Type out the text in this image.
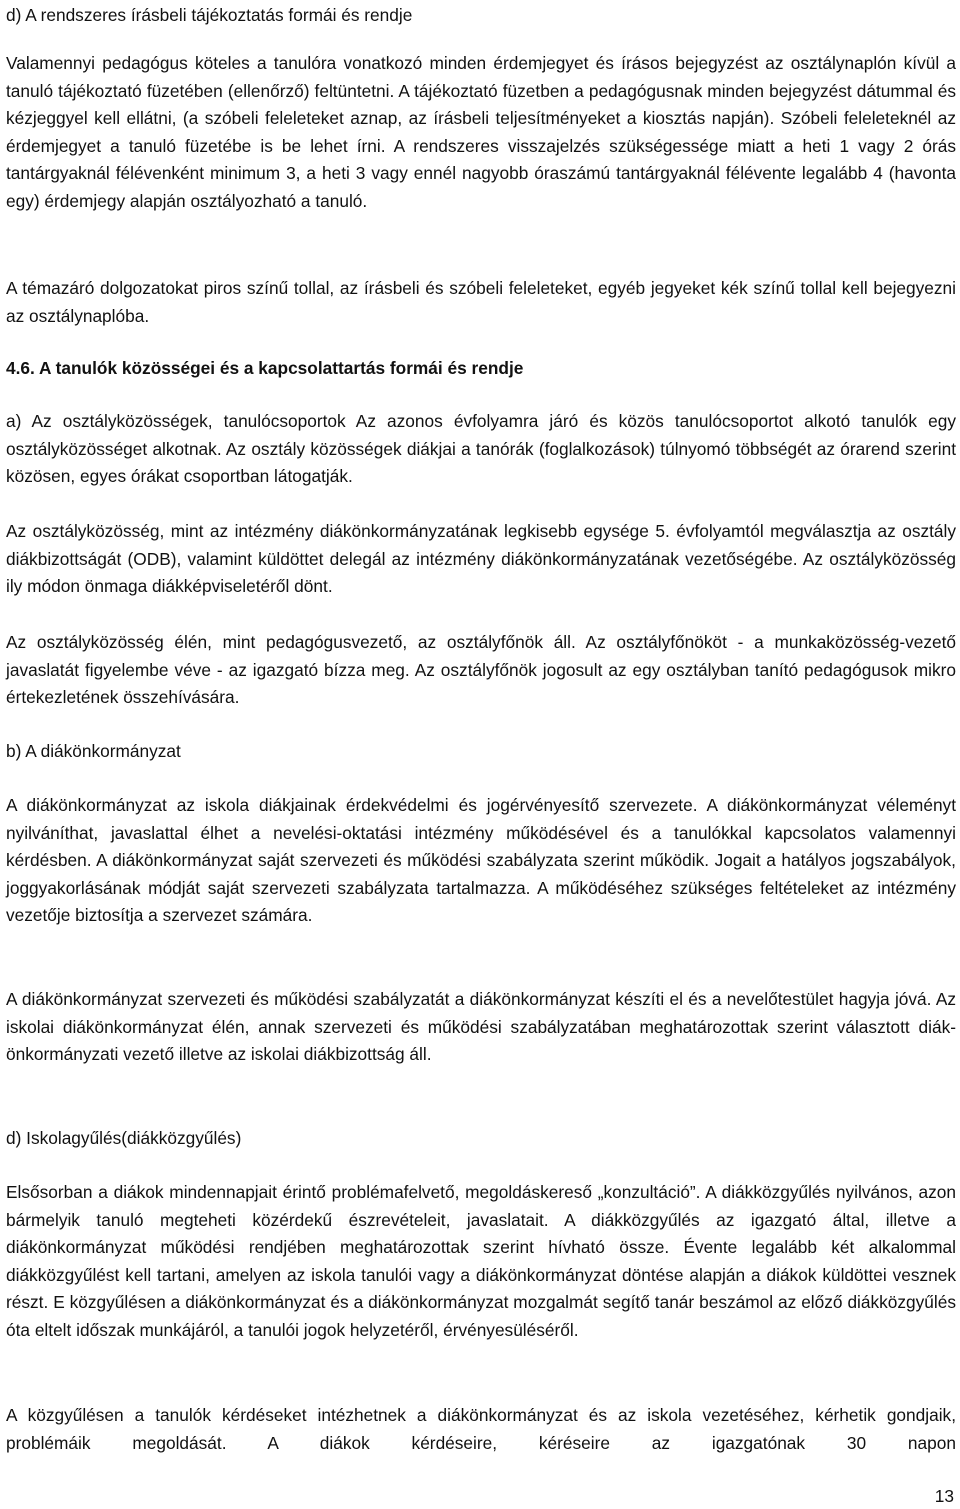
d) A rendszeres írásbeli tájékoztatás formái és rendje

Valamennyi pedagógus köteles a tanulóra vonatkozó minden érdemjegyet és írásos bejegyzést az osztálynaplón kívül a tanuló tájékoztató füzetében (ellenőrző) feltüntetni. A tájékoztató füzetben a pedagógusnak minden bejegyzést dátummal és kézjeggyel kell ellátni, (a szóbeli feleleteket aznap, az írásbeli teljesítményeket a kiosztás napján). Szóbeli feleleteknél az érdemjegyet a tanuló füzetébe is be lehet írni. A rendszeres visszajelzés szükségessége miatt a heti 1 vagy 2 órás tantárgyaknál félévenként minimum 3, a heti 3 vagy ennél nagyobb óraszámú tantárgyaknál félévente legalább 4 (havonta egy) érdemjegy alapján osztályozható a tanuló.

A témazáró dolgozatokat piros színű tollal, az írásbeli és szóbeli feleleteket, egyéb jegyeket kék színű tollal kell bejegyezni az osztálynaplóba.

4.6. A tanulók közösségei és a kapcsolattartás formái és rendje

a) Az osztályközösségek, tanulócsoportok Az azonos évfolyamra járó és közös tanulócsoportot alkotó tanulók egy osztályközösséget alkotnak. Az osztály közösségek diákjai a tanórák (foglalkozások) túlnyomó többségét az órarend szerint közösen, egyes órákat csoportban látogatják.

Az osztályközösség, mint az intézmény diákönkormányzatának legkisebb egysége 5. évfolyamtól megválasztja az osztály diákbizottságát (ODB), valamint küldöttet delegál az intézmény diákönkormányzatának vezetőségébe. Az osztályközösség ily módon önmaga diákképviseletéről dönt.

Az osztályközösség élén, mint pedagógusvezető, az osztályfőnök áll. Az osztályfőnököt - a munkaközösség-vezető javaslatát figyelembe véve - az igazgató bízza meg. Az osztályfőnök jogosult az egy osztályban tanító pedagógusok mikro értekezletének összehívására.

b) A diákönkormányzat

A diákönkormányzat az iskola diákjainak érdekvédelmi és jogérvényesítő szervezete. A diákönkormányzat véleményt nyilváníthat, javaslattal élhet a nevelési-oktatási intézmény működésével és a tanulókkal kapcsolatos valamennyi kérdésben. A diákönkormányzat saját szervezeti és működési szabályzata szerint működik. Jogait a hatályos jogszabályok, joggyakorlásának módját saját szervezeti szabályzata tartalmazza. A működéséhez szükséges feltételeket az intézmény vezetője biztosítja a szervezet számára.

A diákönkormányzat szervezeti és működési szabályzatát a diákönkormányzat készíti el és a nevelőtestület hagyja jóvá. Az iskolai diákönkormányzat élén, annak szervezeti és működési szabályzatában meghatározottak szerint választott diák-önkormányzati vezető illetve az iskolai diákbizottság áll.

d) Iskolagyűlés(diákközgyűlés)

Elsősorban a diákok mindennapjait érintő problémafelvető, megoldáskereső „konzultáció”. A diákközgyűlés nyilvános, azon bármelyik tanuló megteheti közérdekű észrevételeit, javaslatait. A diákközgyűlés az igazgató által, illetve a diákönkormányzat működési rendjében meghatározottak szerint hívható össze. Évente legalább két alkalommal diákközgyűlést kell tartani, amelyen az iskola tanulói vagy a diákönkormányzat döntése alapján a diákok küldöttei vesznek részt. E közgyűlésen a diákönkormányzat és a diákönkormányzat mozgalmát segítő tanár beszámol az előző diákközgyűlés óta eltelt időszak munkájáról, a tanulói jogok helyzetéről, érvényesüléséről.

A közgyűlésen a tanulók kérdéseket intézhetnek a diákönkormányzat és az iskola vezetéséhez, kérhetik gondjaik, problémáik megoldását. A diákok kérdéseire, kéréseire az igazgatónak 30 napon

13
